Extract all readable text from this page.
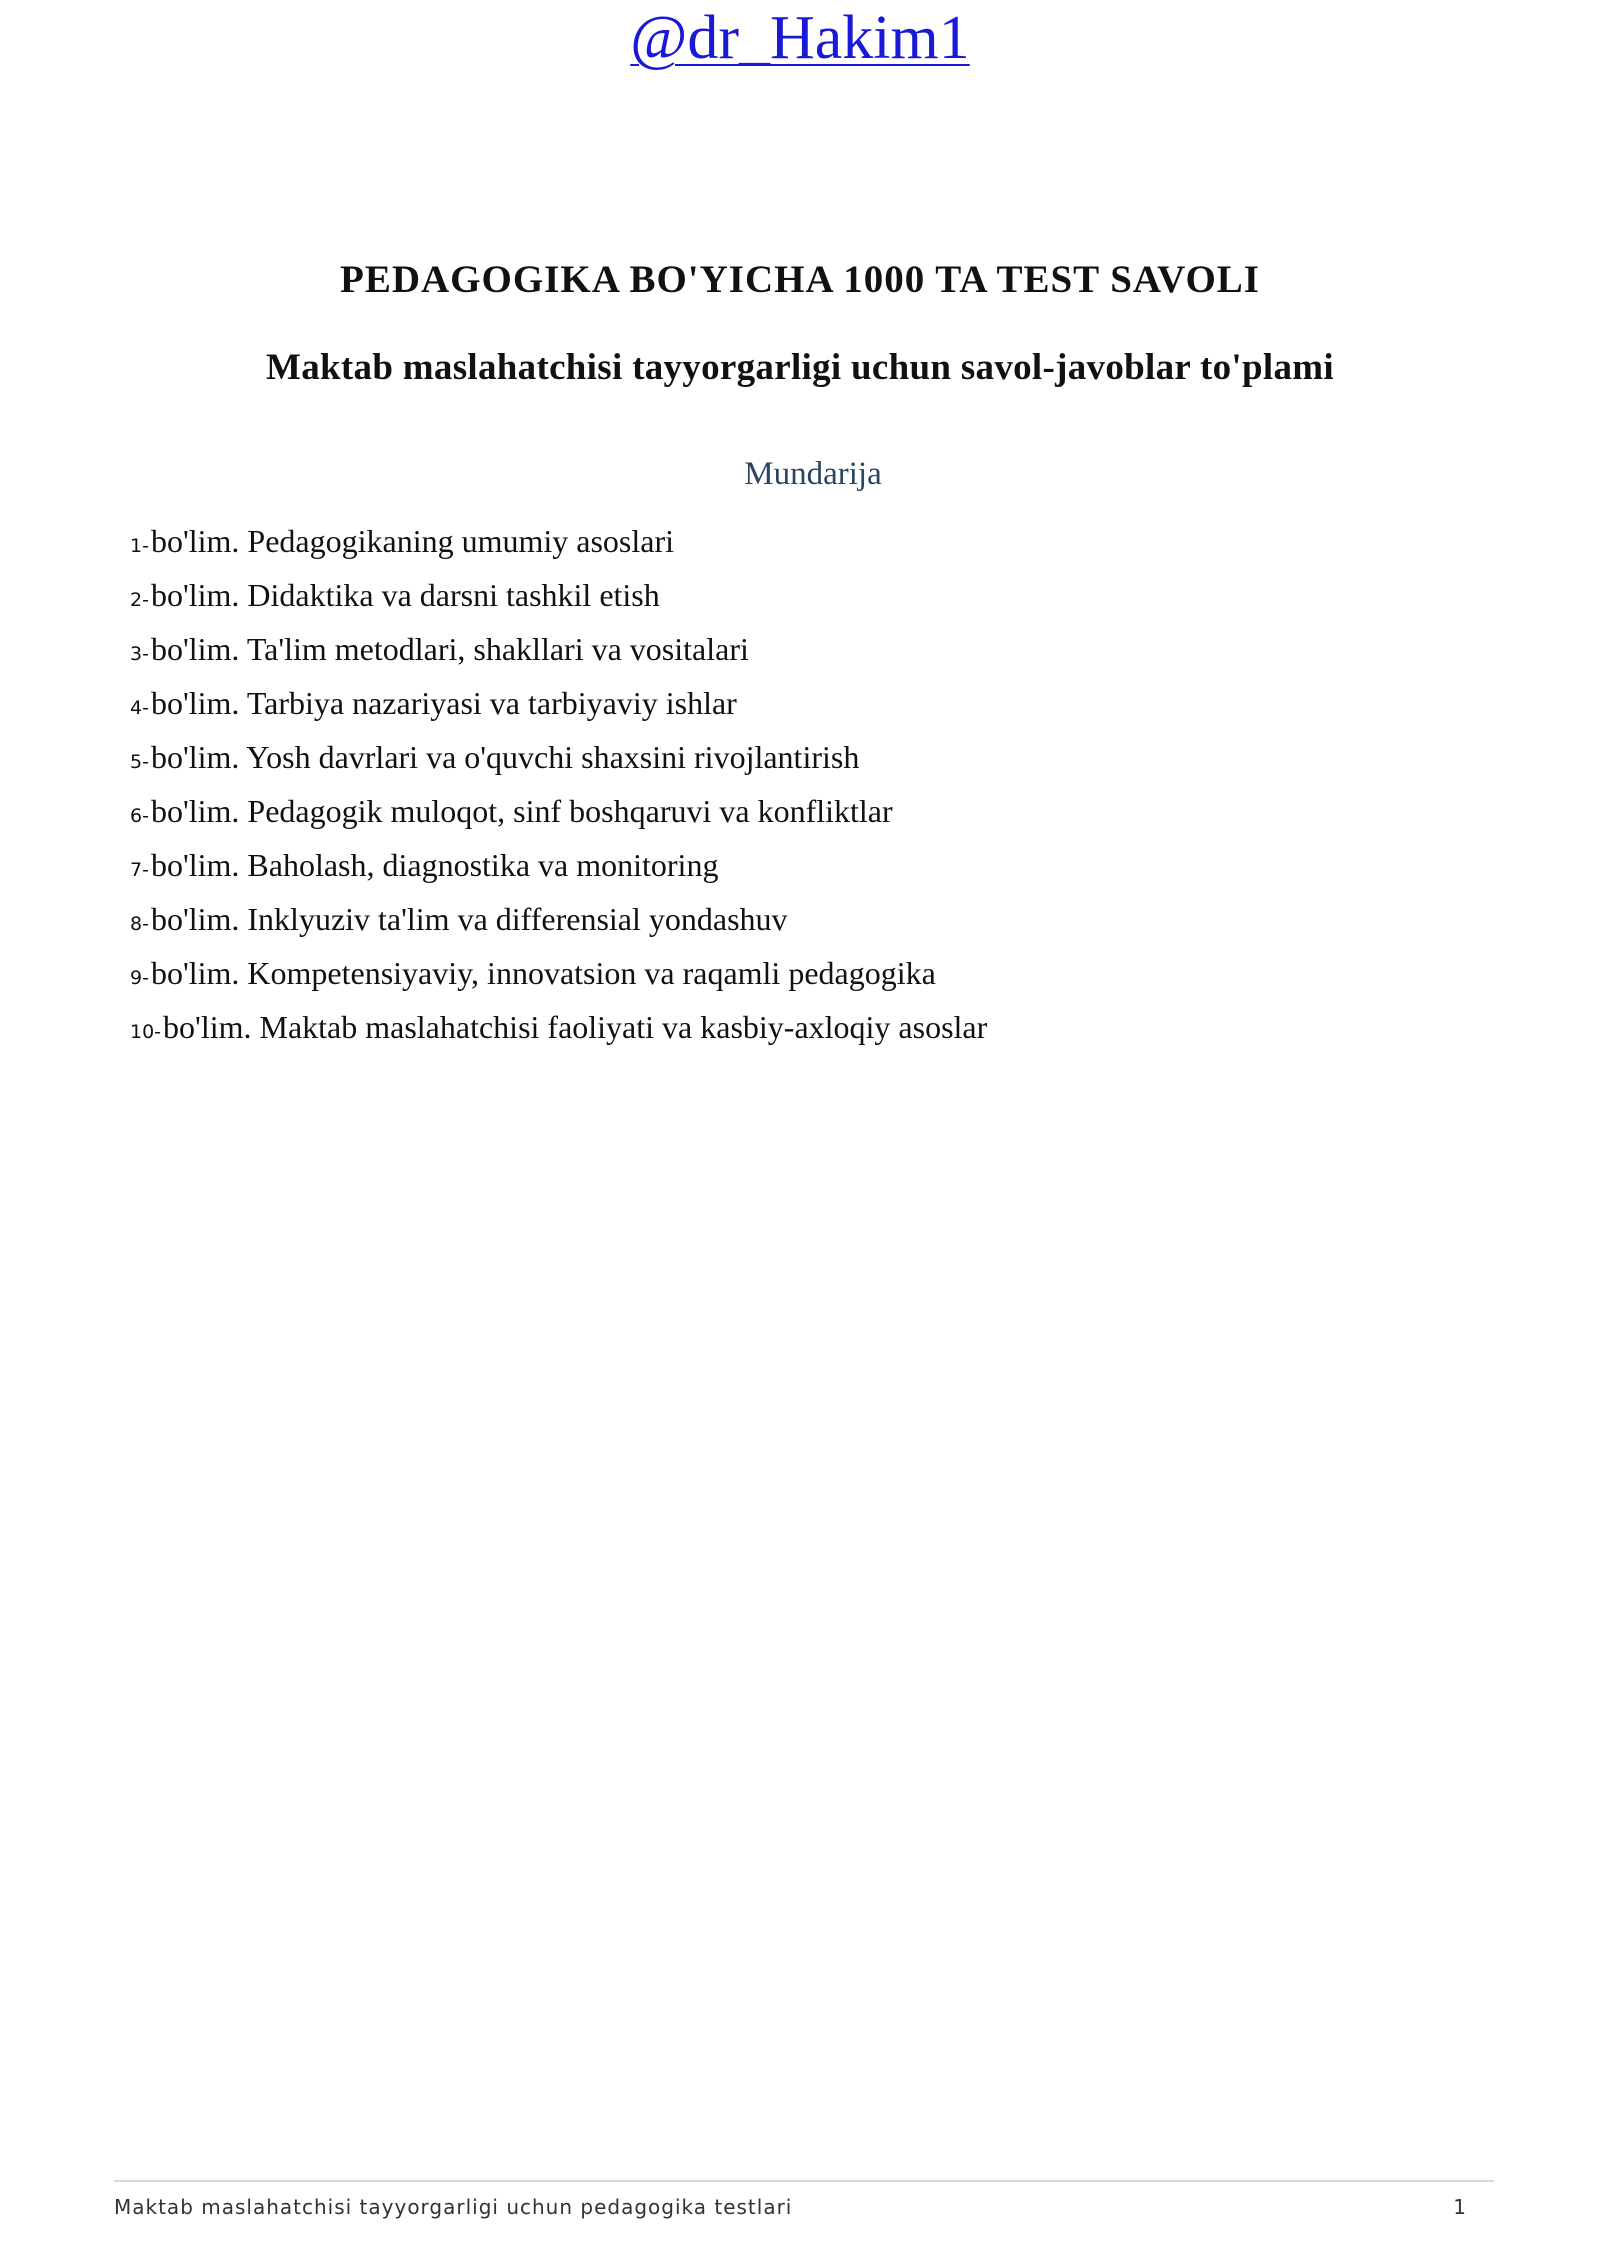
@dr_Hakim1
PEDAGOGIKA BO'YICHA 1000 TA TEST SAVOLI
Maktab maslahatchisi tayyorgarligi uchun savol-javoblar to'plami
Mundarija
1-bo'lim. Pedagogikaning umumiy asoslari
2-bo'lim. Didaktika va darsni tashkil etish
3-bo'lim. Ta'lim metodlari, shakllari va vositalari
4-bo'lim. Tarbiya nazariyasi va tarbiyaviy ishlar
5-bo'lim. Yosh davrlari va o'quvchi shaxsini rivojlantirish
6-bo'lim. Pedagogik muloqot, sinf boshqaruvi va konfliktlar
7-bo'lim. Baholash, diagnostika va monitoring
8-bo'lim. Inklyuziv ta'lim va differensial yondashuv
9-bo'lim. Kompetensiyaviy, innovatsion va raqamli pedagogika
10-bo'lim. Maktab maslahatchisi faoliyati va kasbiy-axloqiy asoslar
Maktab maslahatchisi tayyorgarligi uchun pedagogika testlari	1
